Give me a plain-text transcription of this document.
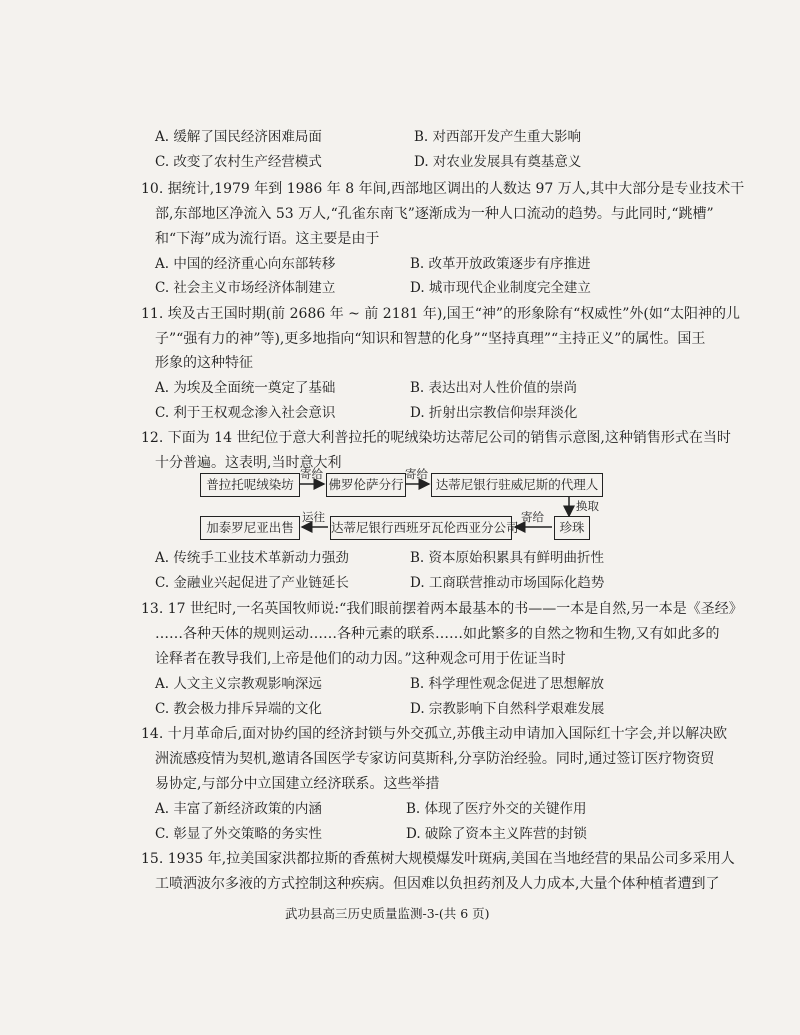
A. 缓解了国民经济困难局面	B. 对西部开发产生重大影响
C. 改变了农村生产经营模式	D. 对农业发展具有奠基意义
10. 据统计,1979 年到 1986 年 8 年间,西部地区调出的人数达 97 万人,其中大部分是专业技术干
部,东部地区净流入 53 万人,“孔雀东南飞”逐渐成为一种人口流动的趋势。与此同时,“跳槽”
和“下海”成为流行语。这主要是由于
A. 中国的经济重心向东部转移	B. 改革开放政策逐步有序推进
C. 社会主义市场经济体制建立	D. 城市现代企业制度完全建立
11. 埃及古王国时期(前 2686 年 ~ 前 2181 年),国王“神”的形象除有“权威性”外(如“太阳神的儿
子”“强有力的神”等),更多地指向“知识和智慧的化身”“坚持真理”“主持正义”的属性。国王
形象的这种特征
A. 为埃及全面统一奠定了基础	B. 表达出对人性价值的崇尚
C. 利于王权观念渗入社会意识	D. 折射出宗教信仰崇拜淡化
12. 下面为 14 世纪位于意大利普拉托的呢绒染坊达蒂尼公司的销售示意图,这种销售形式在当时
十分普遍。这表明,当时意大利
普拉托呢绒染坊
寄给
佛罗伦萨分行
寄给
达蒂尼银行驻威尼斯的代理人
换取
珍珠
寄给
达蒂尼银行西班牙瓦伦西亚分公司
运往
加泰罗尼亚出售
A. 传统手工业技术革新动力强劲	B. 资本原始积累具有鲜明曲折性
C. 金融业兴起促进了产业链延长	D. 工商联营推动市场国际化趋势
13. 17 世纪时,一名英国牧师说:“我们眼前摆着两本最基本的书——一本是自然,另一本是《圣经》
……各种天体的规则运动……各种元素的联系……如此繁多的自然之物和生物,又有如此多的
诠释者在教导我们,上帝是他们的动力因。”这种观念可用于佐证当时
A. 人文主义宗教观影响深远	B. 科学理性观念促进了思想解放
C. 教会极力排斥异端的文化	D. 宗教影响下自然科学艰难发展
14. 十月革命后,面对协约国的经济封锁与外交孤立,苏俄主动申请加入国际红十字会,并以解决欧
洲流感疫情为契机,邀请各国医学专家访问莫斯科,分享防治经验。同时,通过签订医疗物资贸
易协定,与部分中立国建立经济联系。这些举措
A. 丰富了新经济政策的内涵	B. 体现了医疗外交的关键作用
C. 彰显了外交策略的务实性	D. 破除了资本主义阵营的封锁
15. 1935 年,拉美国家洪都拉斯的香蕉树大规模爆发叶斑病,美国在当地经营的果品公司多采用人
工喷洒波尔多液的方式控制这种疾病。但因难以负担药剂及人力成本,大量个体种植者遭到了
武功县高三历史质量监测-3-(共 6 页)
